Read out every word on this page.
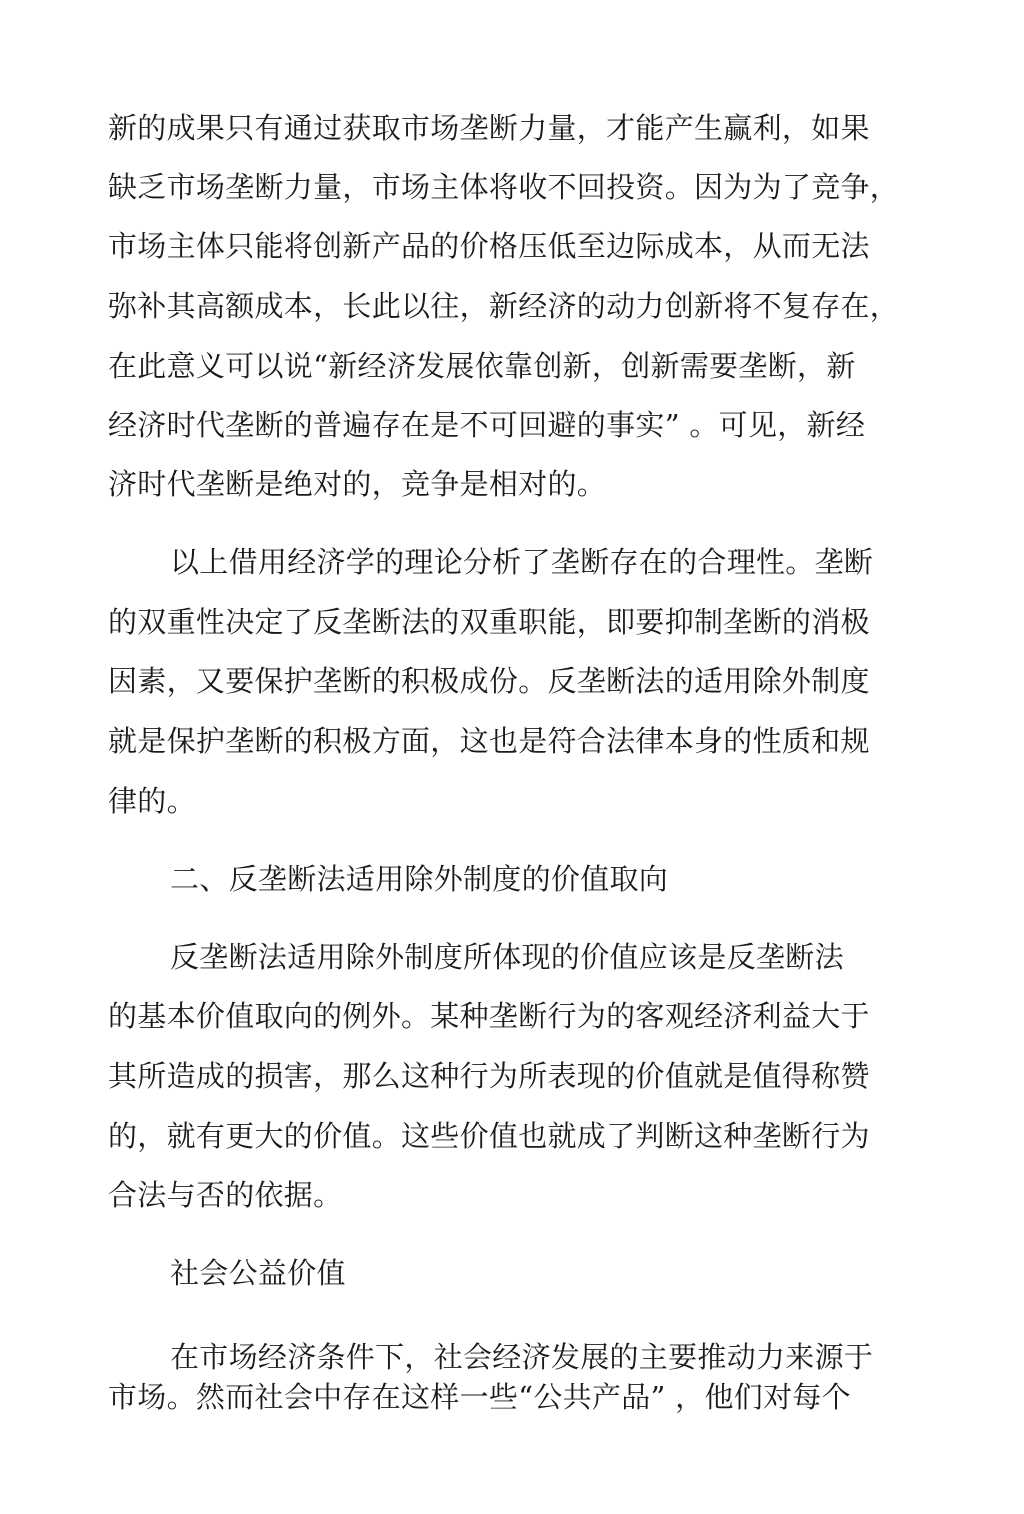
新的成果只有通过获取市场垄断力量，才能产生赢利，如果
缺乏市场垄断力量，市场主体将收不回投资。因为为了竞争，
市场主体只能将创新产品的价格压低至边际成本，从而无法
弥补其高额成本，长此以往，新经济的动力创新将不复存在，
在此意义可以说“新经济发展依靠创新，创新需要垄断，新
经济时代垄断的普遍存在是不可回避的事实” 。可见，新经
济时代垄断是绝对的，竞争是相对的。
以上借用经济学的理论分析了垄断存在的合理性。垄断
的双重性决定了反垄断法的双重职能，即要抑制垄断的消极
因素，又要保护垄断的积极成份。反垄断法的适用除外制度
就是保护垄断的积极方面，这也是符合法律本身的性质和规
律的。
二、反垄断法适用除外制度的价值取向
反垄断法适用除外制度所体现的价值应该是反垄断法
的基本价值取向的例外。某种垄断行为的客观经济利益大于
其所造成的损害，那么这种行为所表现的价值就是值得称赞
的，就有更大的价值。这些价值也就成了判断这种垄断行为
合法与否的依据。
社会公益价值
在市场经济条件下，社会经济发展的主要推动力来源于
市场。然而社会中存在这样一些“公共产品” ，他们对每个
